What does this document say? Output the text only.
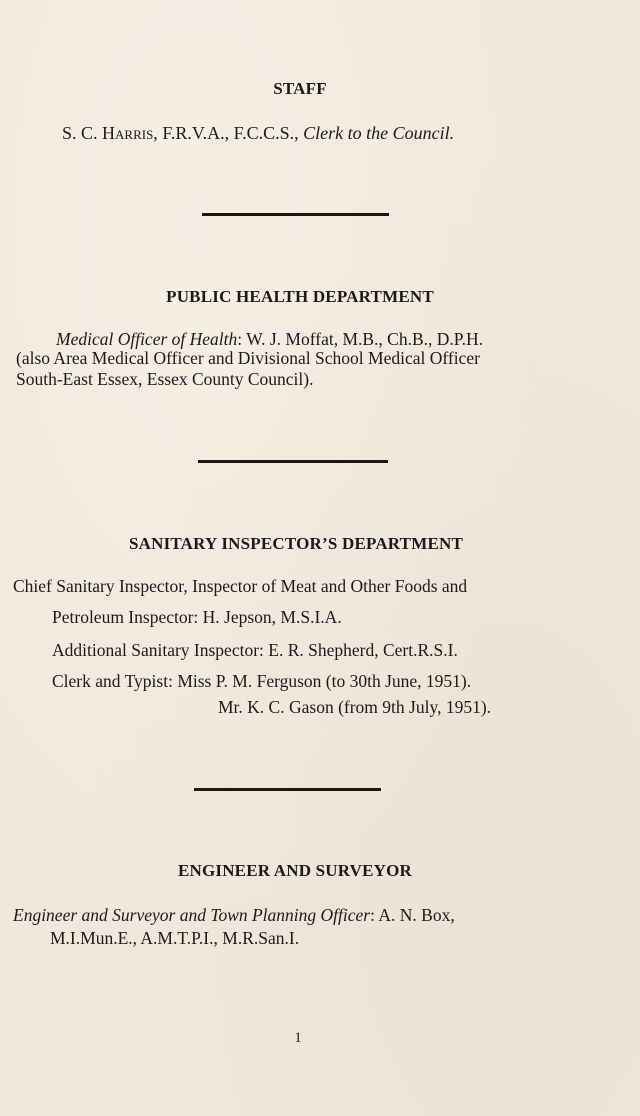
STAFF
S. C. Harris, F.R.V.A., F.C.C.S., Clerk to the Council.
PUBLIC HEALTH DEPARTMENT
Medical Officer of Health: W. J. Moffat, M.B., Ch.B., D.P.H.
(also Area Medical Officer and Divisional School Medical Officer
South-East Essex, Essex County Council).
SANITARY INSPECTOR’S DEPARTMENT
Chief Sanitary Inspector, Inspector of Meat and Other Foods and
Petroleum Inspector: H. Jepson, M.S.I.A.
Additional Sanitary Inspector: E. R. Shepherd, Cert.R.S.I.
Clerk and Typist: Miss P. M. Ferguson (to 30th June, 1951).
Mr. K. C. Gason (from 9th July, 1951).
ENGINEER AND SURVEYOR
Engineer and Surveyor and Town Planning Officer: A. N. Box,
M.I.Mun.E., A.M.T.P.I., M.R.San.I.
1
